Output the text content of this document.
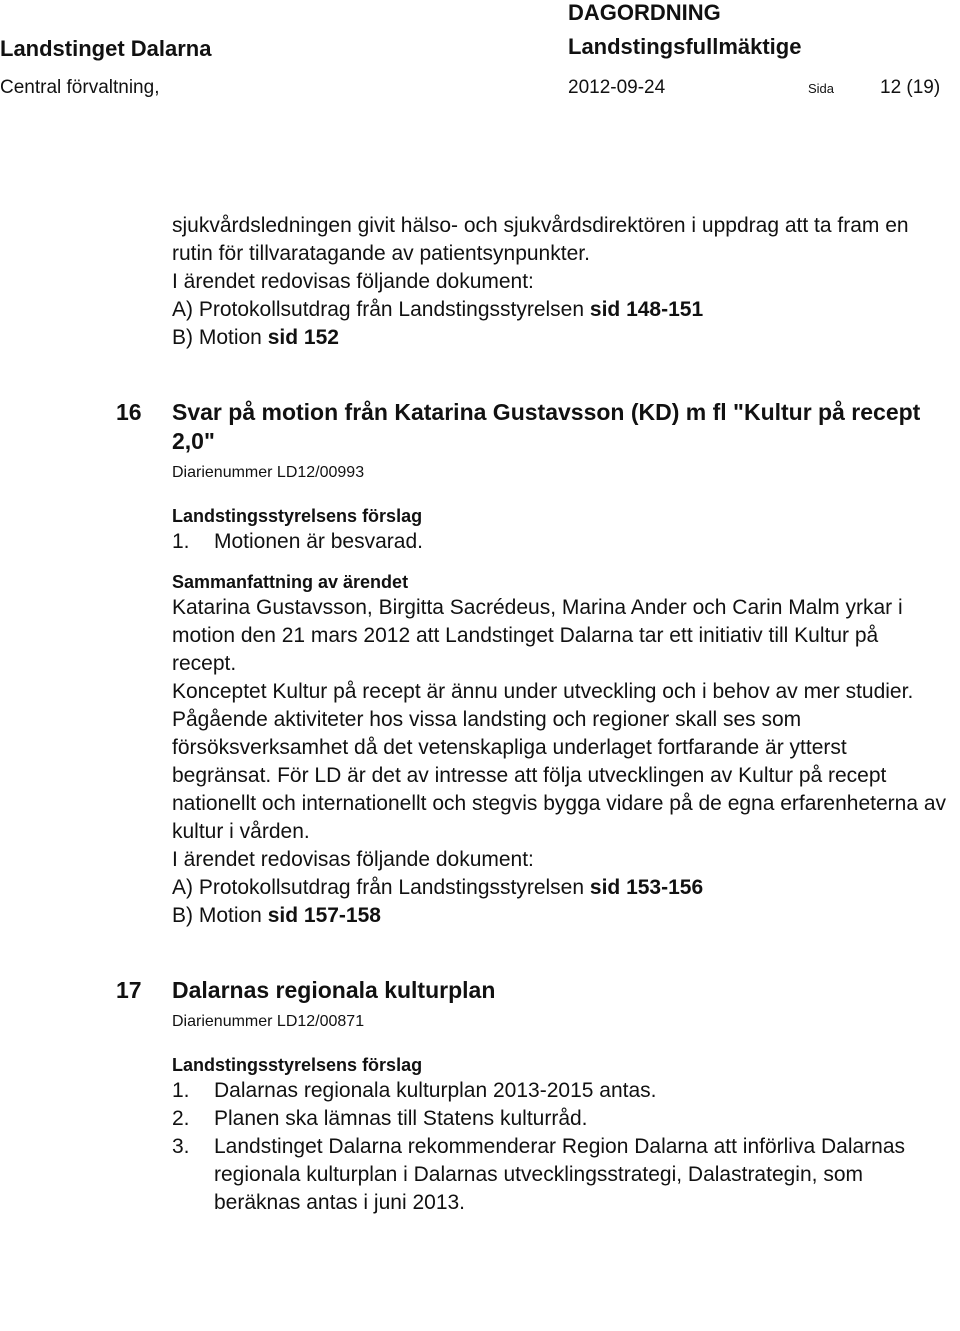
Landstinget Dalarna
Central förvaltning,
DAGORDNING
Landstingsfullmäktige
2012-09-24	Sida 12 (19)

sjukvårdsledningen givit hälso- och sjukvårdsdirektören i uppdrag att ta fram en rutin för tillvaratagande av patientsynpunkter.

I ärendet redovisas följande dokument:

A) Protokollsutdrag från Landstingsstyrelsen sid 148-151

B) Motion sid 152

16 Svar på motion från Katarina Gustavsson (KD) m fl "Kultur på recept 2,0"

Diarienummer LD12/00993
Landstingsstyrelsens förslag
1. Motionen är besvarad.
Sammanfattning av ärendet

Katarina Gustavsson, Birgitta Sacrédeus, Marina Ander och Carin Malm yrkar i motion den 21 mars 2012 att Landstinget Dalarna tar ett initiativ till Kultur på recept.

Konceptet Kultur på recept är ännu under utveckling och i behov av mer studier. Pågående aktiviteter hos vissa landsting och regioner skall ses som försöksverksamhet då det vetenskapliga underlaget fortfarande är ytterst begränsat. För LD är det av intresse att följa utvecklingen av Kultur på recept nationellt och internationellt och stegvis bygga vidare på de egna erfarenheterna av kultur i vården.

I ärendet redovisas följande dokument:

A) Protokollsutdrag från Landstingsstyrelsen sid 153-156

B) Motion sid 157-158

17 Dalarnas regionala kulturplan

Diarienummer LD12/00871
Landstingsstyrelsens förslag
1. Dalarnas regionala kulturplan 2013-2015 antas.
2. Planen ska lämnas till Statens kulturråd.
3. Landstinget Dalarna rekommenderar Region Dalarna att införliva Dalarnas regionala kulturplan i Dalarnas utvecklingsstrategi, Dalastrategin, som beräknas antas i juni 2013.
